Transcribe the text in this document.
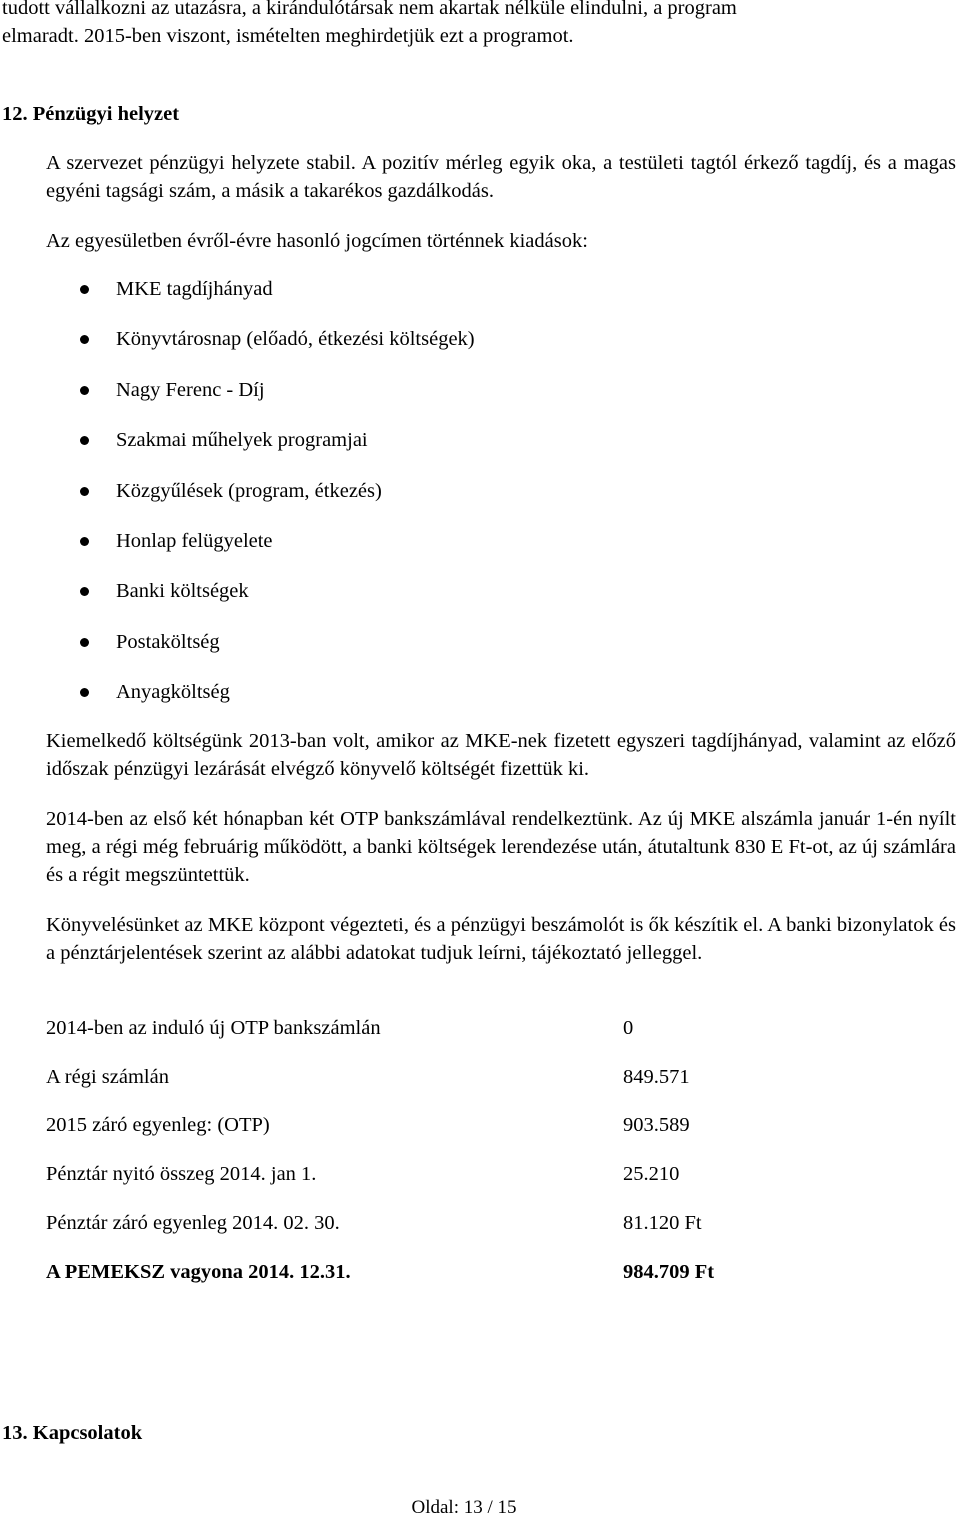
tudott vállalkozni az utazásra, a kirándulótársak nem akartak nélküle elindulni, a program

elmaradt. 2015-ben viszont, ismételten meghirdetjük ezt a programot.

12. Pénzügyi helyzet

A szervezet pénzügyi helyzete stabil. A pozitív mérleg egyik oka, a testületi tagtól érkező tagdíj, és a magas egyéni tagsági szám, a másik a takarékos gazdálkodás.

Az egyesületben évről-évre hasonló jogcímen történnek kiadások:

MKE tagdíjhányad
Könyvtárosnap (előadó, étkezési költségek)
Nagy Ferenc - Díj
Szakmai műhelyek programjai
Közgyűlések (program, étkezés)
Honlap felügyelete
Banki költségek
Postaköltség
Anyagköltség

Kiemelkedő költségünk 2013-ban volt, amikor az MKE-nek fizetett egyszeri tagdíjhányad, valamint az előző időszak pénzügyi lezárását elvégző könyvelő költségét fizettük ki.

2014-ben az első két hónapban két OTP bankszámlával rendelkeztünk. Az új MKE alszámla január 1-én nyílt meg, a régi még februárig működött, a banki költségek lerendezése után, átutaltunk 830 E Ft-ot, az új számlára és a régit megszüntettük.

Könyvelésünket az MKE központ végezteti, és a pénzügyi beszámolót is ők készítik el. A banki bizonylatok és a pénztárjelentések szerint az alábbi adatokat tudjuk leírni, tájékoztató jelleggel.

2014-ben az induló új OTP bankszámlán	0
A régi számlán	849.571
2015 záró egyenleg: (OTP)	903.589
Pénztár nyitó összeg 2014. jan 1.	25.210
Pénztár záró egyenleg 2014. 02. 30.	81.120 Ft
A PEMEKSZ vagyona 2014. 12.31.	984.709 Ft

13. Kapcsolatok

Oldal: 13 / 15
